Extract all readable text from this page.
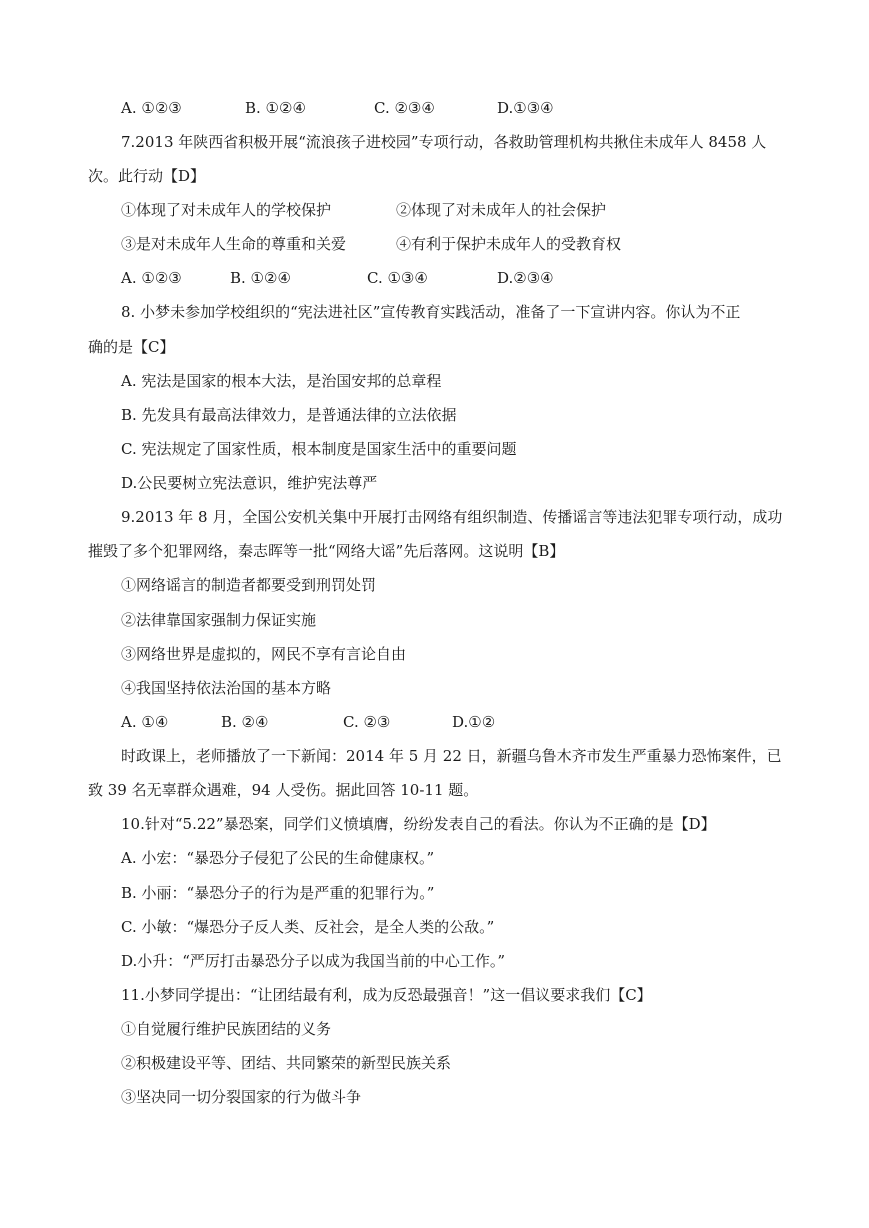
A. ①②③	B. ①②④	C. ②③④	D.①③④
7.2013 年陕西省积极开展“流浪孩子进校园”专项行动，各救助管理机构共揪住未成年人 8458 人
次。此行动【D】
①体现了对未成年人的学校保护	②体现了对未成年人的社会保护
③是对未成年人生命的尊重和关爱	④有利于保护未成年人的受教育权
A. ①②③	B. ①②④	C. ①③④	D.②③④
8. 小梦未参加学校组织的“宪法进社区”宣传教育实践活动，准备了一下宣讲内容。你认为不正
确的是【C】
A. 宪法是国家的根本大法，是治国安邦的总章程
B. 先发具有最高法律效力，是普通法律的立法依据
C. 宪法规定了国家性质，根本制度是国家生活中的重要问题
D.公民要树立宪法意识，维护宪法尊严
9.2013 年 8 月，全国公安机关集中开展打击网络有组织制造、传播谣言等违法犯罪专项行动，成功
摧毁了多个犯罪网络，秦志晖等一批“网络大谣”先后落网。这说明【B】
①网络谣言的制造者都要受到刑罚处罚
②法律靠国家强制力保证实施
③网络世界是虚拟的，网民不享有言论自由
④我国坚持依法治国的基本方略
A. ①④	B. ②④	C. ②③	D.①②
时政课上，老师播放了一下新闻：2014 年 5 月 22 日，新疆乌鲁木齐市发生严重暴力恐怖案件，已
致 39 名无辜群众遇难，94 人受伤。据此回答 10-11 题。
10.针对“5.22”暴恐案，同学们义愤填膺，纷纷发表自己的看法。你认为不正确的是【D】
A. 小宏：“暴恐分子侵犯了公民的生命健康权。”
B. 小丽：“暴恐分子的行为是严重的犯罪行为。”
C. 小敏：“爆恐分子反人类、反社会，是全人类的公敌。”
D.小升：“严厉打击暴恐分子以成为我国当前的中心工作。”
11.小梦同学提出：“让团结最有利，成为反恐最强音！”这一倡议要求我们【C】
①自觉履行维护民族团结的义务
②积极建设平等、团结、共同繁荣的新型民族关系
③坚决同一切分裂国家的行为做斗争
